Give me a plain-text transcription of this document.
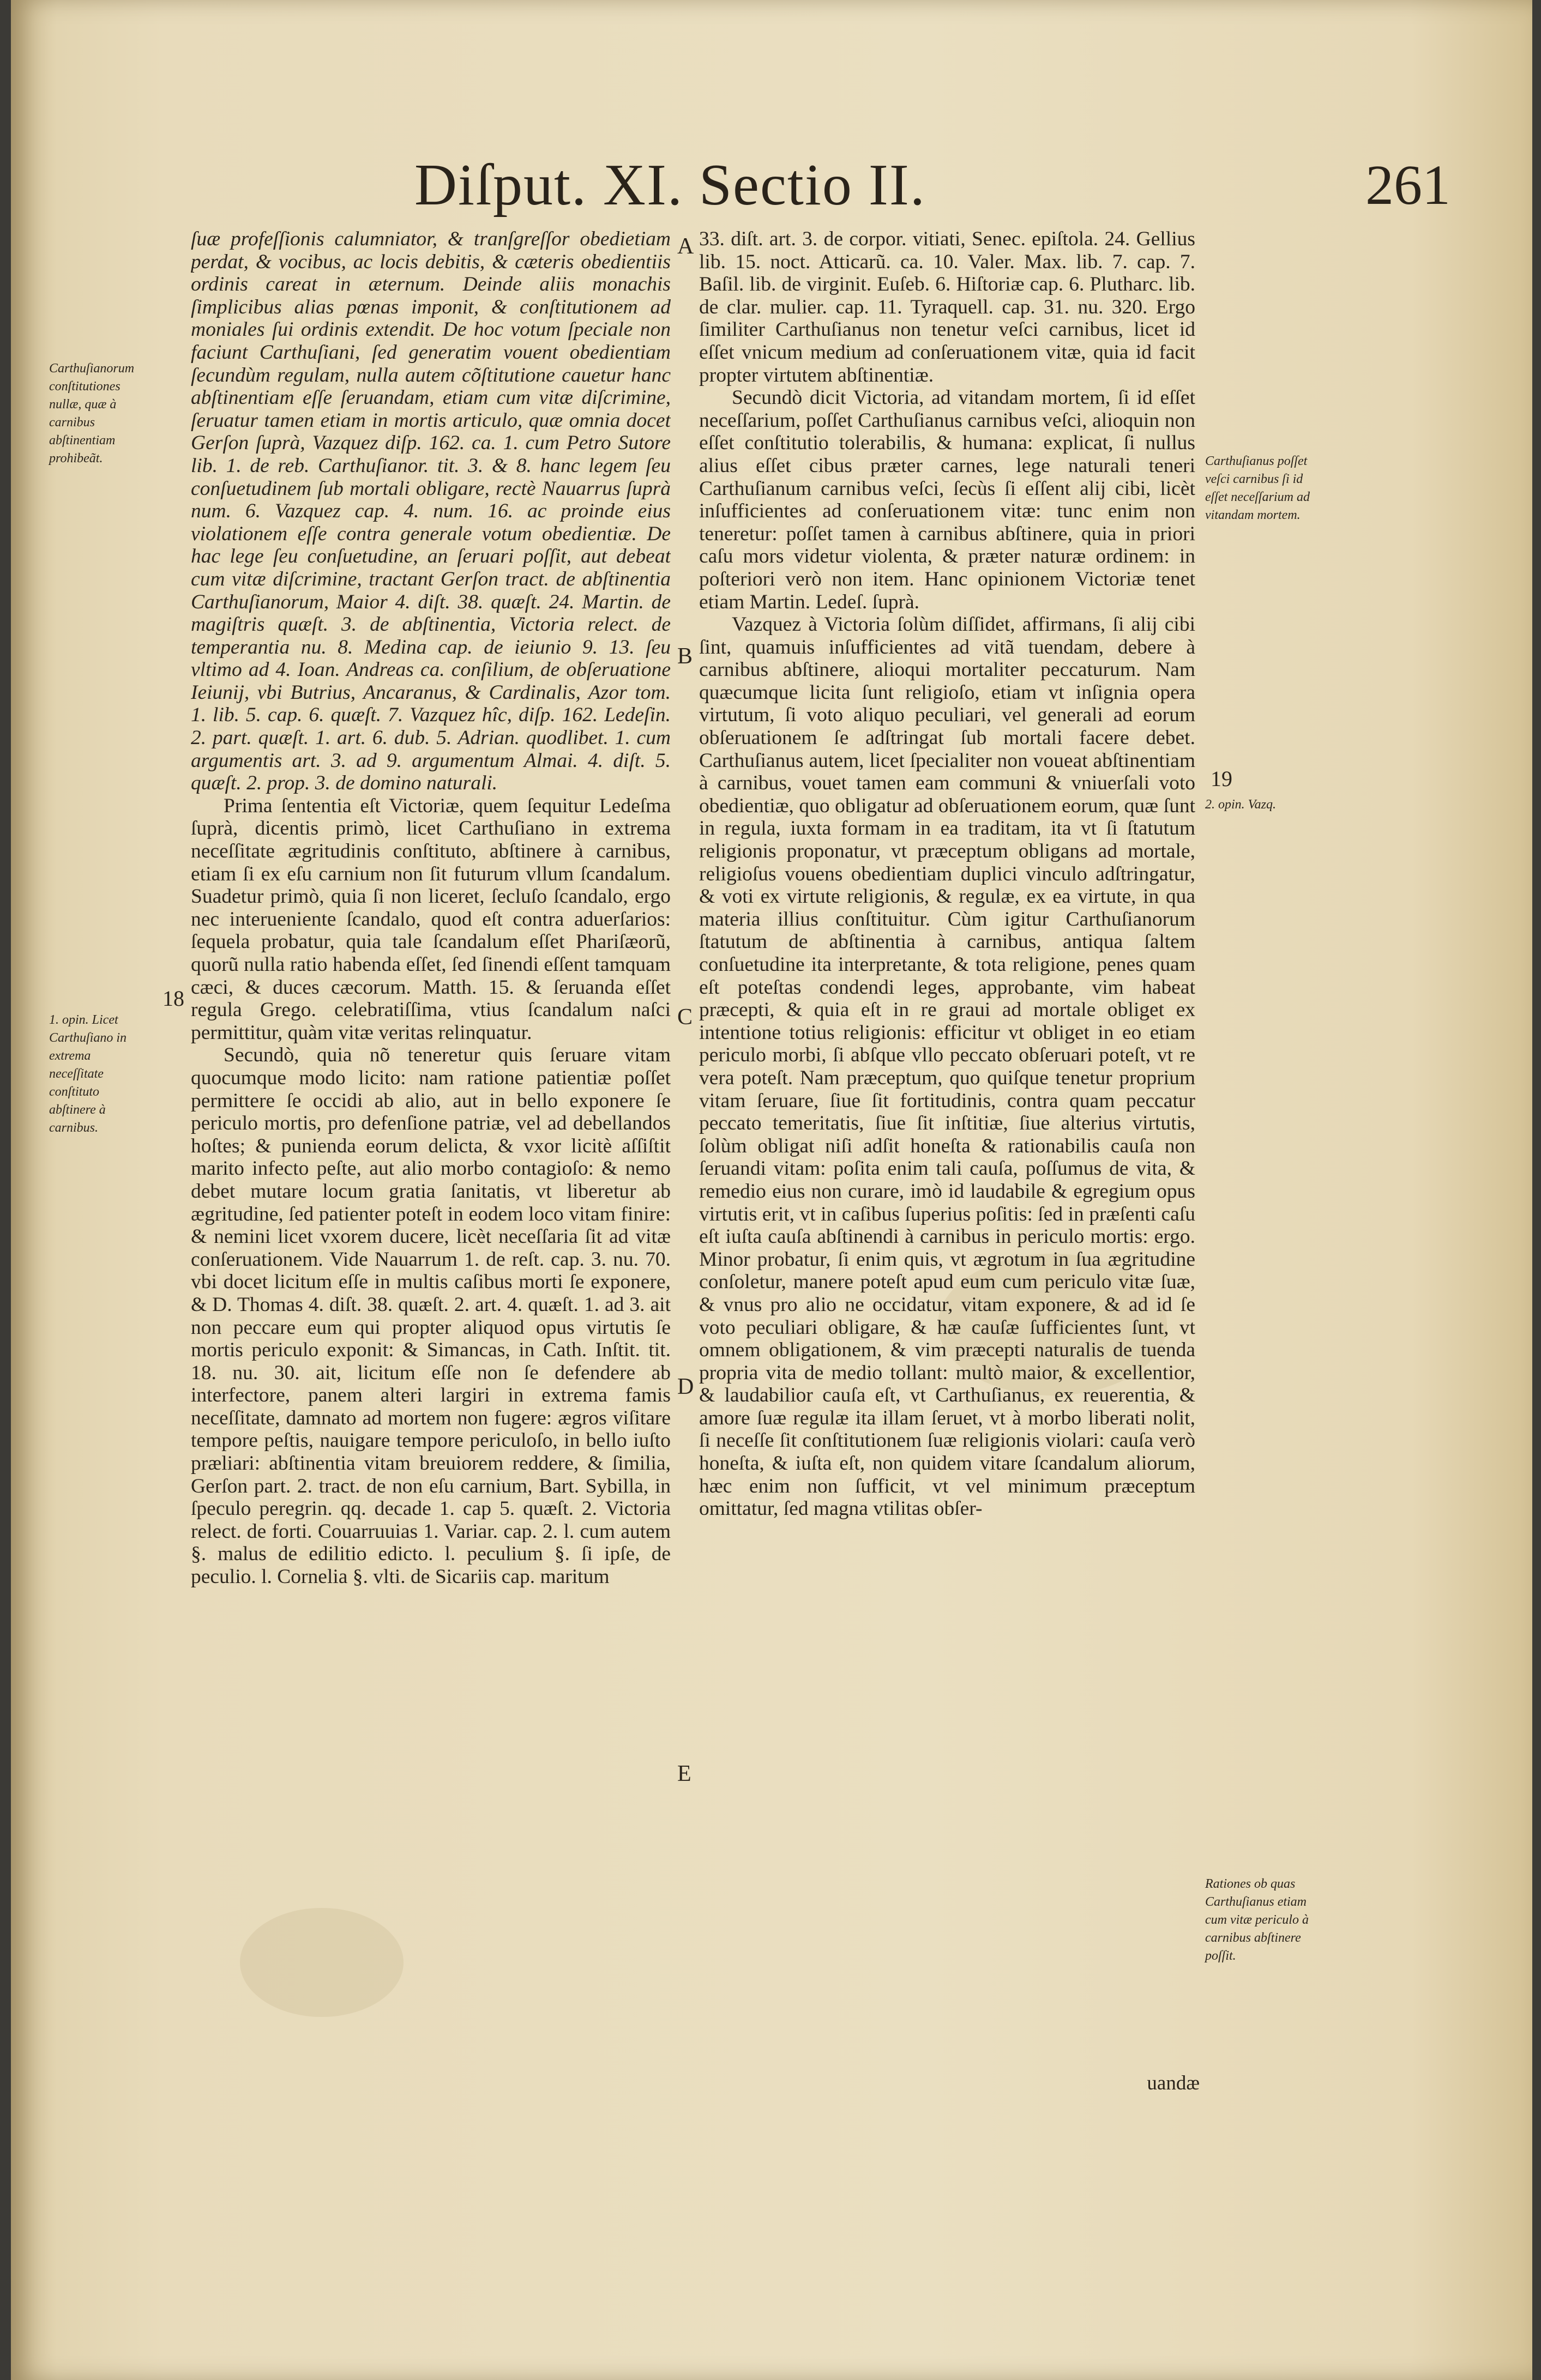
Diſput. XI. Sectio II.	261
Carthuſianorum conſtitutiones nullæ, quæ à carnibus abſtinentiam prohibeãt.
18
1. opin. Licet Carthuſiano in extrema neceſſitate conſtituto abſtinere à carnibus.

ſuæ profeſſionis calumniator, & tranſgreſſor obedietiam perdat, & vocibus, ac locis debitis, & cæteris obedientiis ordinis careat in æternum. Deinde aliis monachis ſimplicibus alias pœnas imponit, & conſtitutionem ad moniales ſui ordinis extendit. De hoc votum ſpeciale non faciunt Carthuſiani, ſed generatim vouent obedientiam ſecundùm regulam, nulla autem cõſtitutione cauetur hanc abſtinentiam eſſe ſeruandam, etiam cum vitæ diſcrimine, ſeruatur tamen etiam in mortis articulo, quæ omnia docet Gerſon ſuprà, Vazquez diſp. 162. ca. 1. cum Petro Sutore lib. 1. de reb. Carthuſianor. tit. 3. & 8. hanc legem ſeu conſuetudinem ſub mortali obligare, rectè Nauarrus ſuprà num. 6. Vazquez cap. 4. num. 16. ac proinde eius violationem eſſe contra generale votum obedientiæ. De hac lege ſeu conſuetudine, an ſeruari poſſit, aut debeat cum vitæ diſcrimine, tractant Gerſon tract. de abſtinentia Carthuſianorum, Maior 4. diſt. 38. quæſt. 24. Martin. de magiſtris quæſt. 3. de abſtinentia, Victoria relect. de temperantia nu. 8. Medina cap. de ieiunio 9. 13. ſeu vltimo ad 4. Ioan. Andreas ca. conſilium, de obſeruatione Ieiunij, vbi Butrius, Ancaranus, & Cardinalis, Azor tom. 1. lib. 5. cap. 6. quæſt. 7. Vazquez hîc, diſp. 162. Ledeſin. 2. part. quæſt. 1. art. 6. dub. 5. Adrian. quodlibet. 1. cum argumentis art. 3. ad 9. argumentum Almai. 4. diſt. 5. quæſt. 2. prop. 3. de domino naturali.

Prima ſententia eſt Victoriæ, quem ſequitur Ledeſma ſuprà, dicentis primò, licet Carthuſiano in extrema neceſſitate ægritudinis conſtituto, abſtinere à carnibus, etiam ſi ex eſu carnium non ſit futurum vllum ſcandalum. Suadetur primò, quia ſi non liceret, ſecluſo ſcandalo, ergo nec interueniente ſcandalo, quod eſt contra aduerſarios: ſequela probatur, quia tale ſcandalum eſſet Phariſæorũ, quorũ nulla ratio habenda eſſet, ſed ſinendi eſſent tamquam cæci, & duces cæcorum. Matth. 15. & ſeruanda eſſet regula Grego. celebratiſſima, vtius ſcandalum naſci permittitur, quàm vitæ veritas relinquatur.

Secundò, quia nõ teneretur quis ſeruare vitam quocumque modo licito: nam ratione patientiæ poſſet permittere ſe occidi ab alio, aut in bello exponere ſe periculo mortis, pro defenſione patriæ, vel ad debellandos hoſtes; & punienda eorum delicta, & vxor licitè aſſiſtit marito infecto peſte, aut alio morbo contagioſo: & nemo debet mutare locum gratia ſanitatis, vt liberetur ab ægritudine, ſed patienter poteſt in eodem loco vitam finire: & nemini licet vxorem ducere, licèt neceſſaria ſit ad vitæ conſeruationem. Vide Nauarrum 1. de reſt. cap. 3. nu. 70. vbi docet licitum eſſe in multis caſibus morti ſe exponere, & D. Thomas 4. diſt. 38. quæſt. 2. art. 4. quæſt. 1. ad 3. ait non peccare eum qui propter aliquod opus virtutis ſe mortis periculo exponit: & Simancas, in Cath. Inſtit. tit. 18. nu. 30. ait, licitum eſſe non ſe defendere ab interfectore, panem alteri largiri in extrema famis neceſſitate, damnato ad mortem non fugere: ægros viſitare tempore peſtis, nauigare tempore periculoſo, in bello iuſto præliari: abſtinentia vitam breuiorem reddere, & ſimilia, Gerſon part. 2. tract. de non eſu carnium, Bart. Sybilla, in ſpeculo peregrin. qq. decade 1. cap 5. quæſt. 2. Victoria relect. de forti. Couarruuias 1. Variar. cap. 2. l. cum autem §. malus de edilitio edicto. l. peculium §. ſi ipſe, de peculio. l. Cornelia §. vlti. de Sicariis cap. maritum

A
B
C
D
E

33. diſt. art. 3. de corpor. vitiati, Senec. epiſtola. 24. Gellius lib. 15. noct. Atticarũ. ca. 10. Valer. Max. lib. 7. cap. 7. Baſil. lib. de virginit. Euſeb. 6. Hiſtoriæ cap. 6. Plutharc. lib. de clar. mulier. cap. 11. Tyraquell. cap. 31. nu. 320. Ergo ſimiliter Carthuſianus non tenetur veſci carnibus, licet id eſſet vnicum medium ad conſeruationem vitæ, quia id facit propter virtutem abſtinentiæ.

Secundò dicit Victoria, ad vitandam mortem, ſi id eſſet neceſſarium, poſſet Carthuſianus carnibus veſci, alioquin non eſſet conſtitutio tolerabilis, & humana: explicat, ſi nullus alius eſſet cibus præter carnes, lege naturali teneri Carthuſianum carnibus veſci, ſecùs ſi eſſent alij cibi, licèt inſufficientes ad conſeruationem vitæ: tunc enim non teneretur: poſſet tamen à carnibus abſtinere, quia in priori caſu mors videtur violenta, & præter naturæ ordinem: in poſteriori verò non item. Hanc opinionem Victoriæ tenet etiam Martin. Ledeſ. ſuprà.

Vazquez à Victoria ſolùm diſſidet, affirmans, ſi alij cibi ſint, quamuis inſufficientes ad vitã tuendam, debere à carnibus abſtinere, alioqui mortaliter peccaturum. Nam quæcumque licita ſunt religioſo, etiam vt inſignia opera virtutum, ſi voto aliquo peculiari, vel generali ad eorum obſeruationem ſe adſtringat ſub mortali facere debet. Carthuſianus autem, licet ſpecialiter non voueat abſtinentiam à carnibus, vouet tamen eam communi & vniuerſali voto obedientiæ, quo obligatur ad obſeruationem eorum, quæ ſunt in regula, iuxta formam in ea traditam, ita vt ſi ſtatutum religionis proponatur, vt præceptum obligans ad mortale, religioſus vouens obedientiam duplici vinculo adſtringatur, & voti ex virtute religionis, & regulæ, ex ea virtute, in qua materia illius conſtituitur. Cùm igitur Carthuſianorum ſtatutum de abſtinentia à carnibus, antiqua ſaltem conſuetudine ita interpretante, & tota religione, penes quam eſt poteſtas condendi leges, approbante, vim habeat præcepti, & quia eſt in re graui ad mortale obliget ex intentione totius religionis: efficitur vt obliget in eo etiam periculo morbi, ſi abſque vllo peccato obſeruari poteſt, vt re vera poteſt. Nam præceptum, quo quiſque tenetur proprium vitam ſeruare, ſiue ſit fortitudinis, contra quam peccatur peccato temeritatis, ſiue ſit inſtitiæ, ſiue alterius virtutis, ſolùm obligat niſi adſit honeſta & rationabilis cauſa non ſeruandi vitam: poſita enim tali cauſa, poſſumus de vita, & remedio eius non curare, imò id laudabile & egregium opus virtutis erit, vt in caſibus ſuperius poſitis: ſed in præſenti caſu eſt iuſta cauſa abſtinendi à carnibus in periculo mortis: ergo. Minor probatur, ſi enim quis, vt ægrotum in ſua ægritudine conſoletur, manere poteſt apud eum cum periculo vitæ ſuæ, & vnus pro alio ne occidatur, vitam exponere, & ad id ſe voto peculiari obligare, & hæ cauſæ ſufficientes ſunt, vt omnem obligationem, & vim præcepti naturalis de tuenda propria vita de medio tollant: multò maior, & excellentior, & laudabilior cauſa eſt, vt Carthuſianus, ex reuerentia, & amore ſuæ regulæ ita illam ſeruet, vt à morbo liberati nolit, ſi neceſſe ſit conſtitutionem ſuæ religionis violari: cauſa verò honeſta, & iuſta eſt, non quidem vitare ſcandalum aliorum, hæc enim non ſufficit, vt vel minimum præceptum omittatur, ſed magna vtilitas obſer-

Carthuſianus poſſet veſci carnibus ſi id eſſet neceſſarium ad vitandam mortem.
19
2. opin. Vazq.
Rationes ob quas Carthuſianus etiam cum vitæ periculo à carnibus abſtinere poſſit.
uandæ
